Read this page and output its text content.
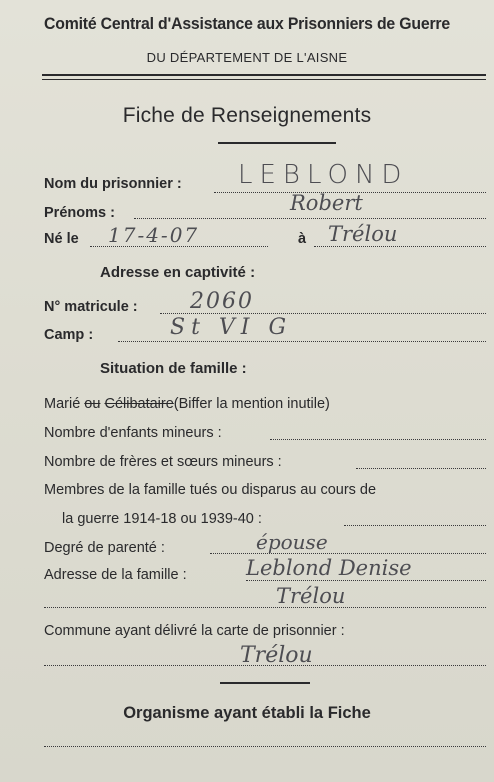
Comité Central d'Assistance aux Prisonniers de Guerre
DU DÉPARTEMENT DE L'AISNE
Fiche de Renseignements
Nom du prisonnier : LEBLOND
Prénoms :	Robert
Né le 17-4-07	à Trélou
Adresse en captivité :
N° matricule : 2060
Camp :	St VI G
Situation de famille :
Marié ou Célibataire(Biffer la mention inutile)
Nombre d'enfants mineurs :
Nombre de frères et sœurs mineurs :
Membres de la famille tués ou disparus au cours de
la guerre 1914-18 ou 1939-40 :
Degré de parenté :	épouse
Adresse de la famille :	Leblond Denise
Trélou
Commune ayant délivré la carte de prisonnier :
Trélou
Organisme ayant établi la Fiche
